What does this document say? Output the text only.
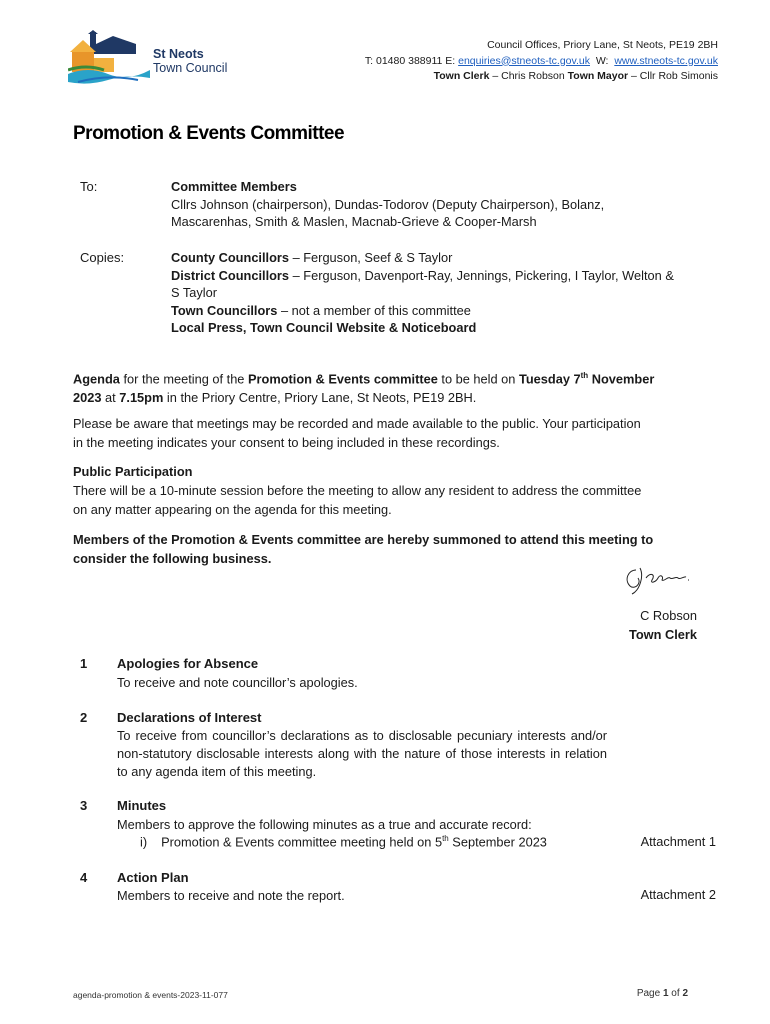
St Neots
Town Council
Council Offices, Priory Lane, St Neots, PE19 2BH
T: 01480 388911 E: enquiries@stneots-tc.gov.uk  W:  www.stneots-tc.gov.uk
Town Clerk – Chris Robson Town Mayor – Cllr Rob Simonis
Promotion & Events Committee
To:	Committee Members
Cllrs Johnson (chairperson), Dundas-Todorov (Deputy Chairperson), Bolanz,
Mascarenhas, Smith & Maslen, Macnab-Grieve & Cooper-Marsh
Copies:	County Councillors – Ferguson, Seef & S Taylor
District Councillors – Ferguson, Davenport-Ray, Jennings, Pickering, I Taylor, Welton &
S Taylor
Town Councillors – not a member of this committee
Local Press, Town Council Website & Noticeboard
Agenda for the meeting of the Promotion & Events committee to be held on Tuesday 7th November
2023 at 7.15pm in the Priory Centre, Priory Lane, St Neots, PE19 2BH.
Please be aware that meetings may be recorded and made available to the public. Your participation
in the meeting indicates your consent to being included in these recordings.
Public Participation
There will be a 10-minute session before the meeting to allow any resident to address the committee
on any matter appearing on the agenda for this meeting.
Members of the Promotion & Events committee are hereby summoned to attend this meeting to
consider the following business.
C Robson
Town Clerk
1 Apologies for Absence
To receive and note councillor’s apologies.
2 Declarations of Interest
To receive from councillor’s declarations as to disclosable pecuniary interests and/or non-statutory disclosable interests along with the nature of those interests in relation to any agenda item of this meeting.
3 Minutes
Members to approve the following minutes as a true and accurate record:
i) Promotion & Events committee meeting held on 5th September 2023	Attachment 1
4 Action Plan
Members to receive and note the report.	Attachment 2
agenda-promotion & events-2023-11-077	Page 1 of 2
